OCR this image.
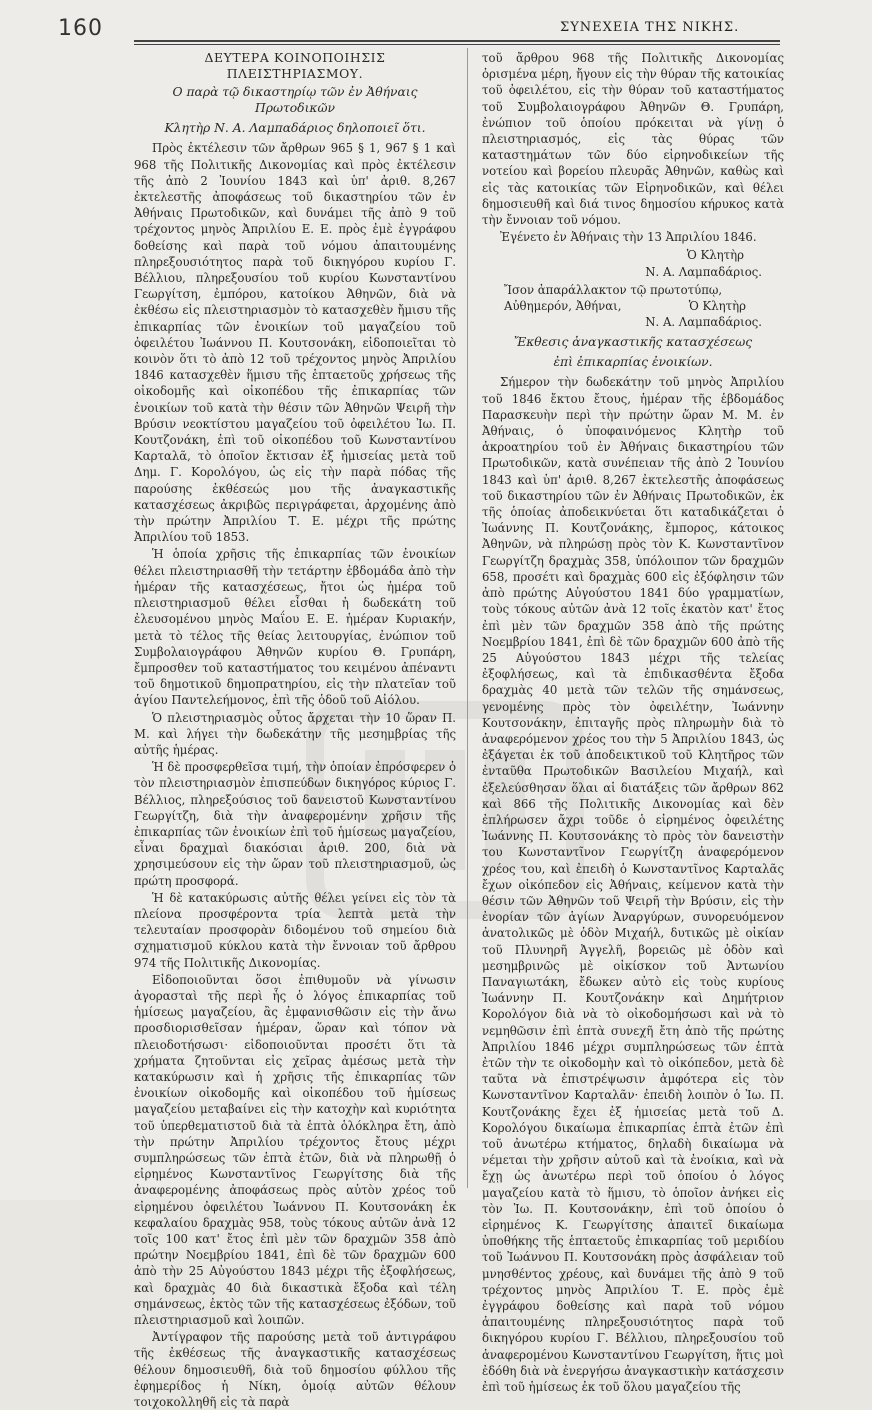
160	ΣΥΝΕΧΕΙΑ ΤΗΣ ΝΙΚΗΣ.
ΔΕΥΤΕΡΑ ΚΟΙΝΟΠΟΙΗΣΙΣ ΠΛΕΙΣΤΗΡΙΑΣΜΟΥ.
Ο παρὰ τῷ δικαστηρίῳ τῶν ἐν Ἀθήναις Πρωτοδικῶν
Κλητὴρ Ν. Α. Λαμπαδάριος δηλοποιεῖ ὅτι.

Πρὸς ἐκτέλεσιν τῶν ἄρθρων 965 § 1, 967 § 1 καὶ 968 τῆς Πολιτικῆς Δικονομίας καὶ πρὸς ἐκτέλεσιν τῆς ἀπὸ 2 Ἰουνίου 1843 καὶ ὑπ' ἀριθ. 8,267 ἐκτελεστῆς ἀποφάσεως τοῦ δικαστηρίου τῶν ἐν Ἀθήναις Πρωτοδικῶν, καὶ δυνάμει τῆς ἀπὸ 9 τοῦ τρέχοντος μηνὸς Ἀπριλίου Ε. Ε. πρὸς ἐμὲ ἐγγράφου δοθείσης καὶ παρὰ τοῦ νόμου ἀπαιτουμένης πληρεξουσιότητος παρὰ τοῦ δικηγόρου κυρίου Γ. Βέλλιου, πληρεξουσίου τοῦ κυρίου Κωνσταντίνου Γεωργίτση, ἐμπόρου, κατοίκου Ἀθηνῶν, διὰ νὰ ἐκθέσω εἰς πλειστηριασμὸν τὸ κατασχεθὲν ἤμισυ τῆς ἐπικαρπίας τῶν ἐνοικίων τοῦ μαγαζείου τοῦ ὀφειλέτου Ἰωάννου Π. Κουτσονάκη, εἰδοποιεῖται τὸ κοινὸν ὅτι τὸ ἀπὸ 12 τοῦ τρέχοντος μηνὸς Ἀπριλίου 1846 κατασχεθὲν ἥμισυ τῆς ἑπταετοῦς χρήσεως τῆς οἰκοδομῆς καὶ οἰκοπέδου τῆς ἐπικαρπίας τῶν ἐνοικίων τοῦ κατὰ τὴν θέσιν τῶν Ἀθηνῶν Ψειρῆ τὴν Βρύσιν νεοκτίστου μαγαζείου τοῦ ὀφειλέτου Ἰω. Π. Κουτζονάκη, ἐπὶ τοῦ οἰκοπέδου τοῦ Κωνσταντίνου Καρταλᾶ, τὸ ὁποῖον ἔκτισαν ἐξ ἡμισείας μετὰ τοῦ Δημ. Γ. Κορολόγου, ὡς εἰς τὴν παρὰ πόδας τῆς παρούσης ἐκθέσεώς μου τῆς ἀναγκαστικῆς κατασχέσεως ἀκριβῶς περιγράφεται, ἀρχομένης ἀπὸ τὴν πρώτην Ἀπριλίου Τ. Ε. μέχρι τῆς πρώτης Ἀπριλίου τοῦ 1853.

Ἡ ὁποία χρῆσις τῆς ἐπικαρπίας τῶν ἐνοικίων θέλει πλειστηριασθῆ τὴν τετάρτην ἑβδομάδα ἀπὸ τὴν ἡμέραν τῆς κατασχέσεως, ἤτοι ὡς ἡμέρα τοῦ πλειστηριασμοῦ θέλει εἶσθαι ἡ δωδεκάτη τοῦ ἐλευσομένου μηνὸς Μαΐου Ε. Ε. ἡμέραν Κυριακήν, μετὰ τὸ τέλος τῆς θείας λειτουργίας, ἐνώπιον τοῦ Συμβολαιογράφου Ἀθηνῶν κυρίου Θ. Γρυπάρη, ἔμπροσθεν τοῦ καταστήματος του κειμένου ἀπέναντι τοῦ δημοτικοῦ δημοπρατηρίου, εἰς τὴν πλατεῖαν τοῦ ἁγίου Παντελεήμονος, ἐπὶ τῆς ὁδοῦ τοῦ Αἰόλου.

Ὁ πλειστηριασμὸς οὗτος ἄρχεται τὴν 10 ὥραν Π. Μ. καὶ λήγει τὴν δωδεκάτην τῆς μεσημβρίας τῆς αὐτῆς ἡμέρας.

Ἡ δὲ προσφερθεῖσα τιμή, τὴν ὁποίαν ἐπρόσφερεν ὁ τὸν πλειστηριασμὸν ἐπισπεύδων δικηγόρος κύριος Γ. Βέλλιος, πληρεξούσιος τοῦ δανειστοῦ Κωνσταντίνου Γεωργίτζη, διὰ τὴν ἀναφερομένην χρῆσιν τῆς ἐπικαρπίας τῶν ἐνοικίων ἐπὶ τοῦ ἡμίσεως μαγαζείου, εἶναι δραχμαὶ διακόσιαι ἀριθ. 200, διὰ νὰ χρησιμεύσουν εἰς τὴν ὥραν τοῦ πλειστηριασμοῦ, ὡς πρώτη προσφορά.

Ἡ δὲ κατακύρωσις αὐτῆς θέλει γείνει εἰς τὸν τὰ πλείονα προσφέροντα τρία λεπτὰ μετὰ τὴν τελευταίαν προσφορὰν διδομένου τοῦ σημείου διὰ σχηματισμοῦ κύκλου κατὰ τὴν ἔννοιαν τοῦ ἄρθρου 974 τῆς Πολιτικῆς Δικονομίας.

Εἰδοποιοῦνται ὅσοι ἐπιθυμοῦν νὰ γίνωσιν ἀγορασταὶ τῆς περὶ ἧς ὁ λόγος ἐπικαρπίας τοῦ ἡμίσεως μαγαζείου, ἂς ἐμφανισθῶσιν εἰς τὴν ἄνω προσδιορισθεῖσαν ἡμέραν, ὥραν καὶ τόπον νὰ πλειοδοτήσωσι· εἰδοποιοῦνται προσέτι ὅτι τὰ χρήματα ζητοῦνται εἰς χεῖρας ἀμέσως μετὰ τὴν κατακύρωσιν καὶ ἡ χρῆσις τῆς ἐπικαρπίας τῶν ἐνοικίων οἰκοδομῆς καὶ οἰκοπέδου τοῦ ἡμίσεως μαγαζείου μεταβαίνει εἰς τὴν κατοχὴν καὶ κυριότητα τοῦ ὑπερθεματιστοῦ διὰ τὰ ἑπτὰ ὁλόκληρα ἔτη, ἀπὸ τὴν πρώτην Ἀπριλίου τρέχοντος ἔτους μέχρι συμπληρώσεως τῶν ἑπτὰ ἐτῶν, διὰ νὰ πληρωθῇ ὁ εἰρημένος Κωνσταντῖνος Γεωργίτσης διὰ τῆς ἀναφερομένης ἀποφάσεως πρὸς αὐτὸν χρέος τοῦ εἰρημένου ὀφειλέτου Ἰωάννου Π. Κουτσονάκη ἐκ κεφαλαίου δραχμὰς 958, τοὺς τόκους αὐτῶν ἀνὰ 12 τοῖς 100 κατ' ἔτος ἐπὶ μὲν τῶν δραχμῶν 358 ἀπὸ πρώτην Νοεμβρίου 1841, ἐπὶ δὲ τῶν δραχμῶν 600 ἀπὸ τὴν 25 Αὐγούστου 1843 μέχρι τῆς ἐξοφλήσεως, καὶ δραχμὰς 40 διὰ δικαστικὰ ἔξοδα καὶ τέλη σημάνσεως, ἐκτὸς τῶν τῆς κατασχέσεως ἐξόδων, τοῦ πλειστηριασμοῦ καὶ λοιπῶν.

Ἀντίγραφον τῆς παρούσης μετὰ τοῦ ἀντιγράφου τῆς ἐκθέσεως τῆς ἀναγκαστικῆς κατασχέσεως θέλουν δημοσιευθῆ, διὰ τοῦ δημοσίου φύλλου τῆς ἐφημερίδος ἡ Νίκη, ὁμοίᾳ αὐτῶν θέλουν τοιχοκολληθῆ εἰς τὰ παρὰ

τοῦ ἄρθρου 968 τῆς Πολιτικῆς Δικονομίας ὁρισμένα μέρη, ἤγουν εἰς τὴν θύραν τῆς κατοικίας τοῦ ὀφειλέτου, εἰς τὴν θύραν τοῦ καταστήματος τοῦ Συμβολαιογράφου Ἀθηνῶν Θ. Γρυπάρη, ἐνώπιον τοῦ ὁποίου πρόκειται νὰ γίνῃ ὁ πλειστηριασμός, εἰς τὰς θύρας τῶν καταστημάτων τῶν δύο εἰρηνοδικείων τῆς νοτείου καὶ βορείου πλευρᾶς Ἀθηνῶν, καθὼς καὶ εἰς τὰς κατοικίας τῶν Εἰρηνοδικῶν, καὶ θέλει δημοσιευθῆ καὶ διά τινος δημοσίου κήρυκος κατὰ τὴν ἔννοιαν τοῦ νόμου.

Ἐγένετο ἐν Ἀθήναις τὴν 13 Ἀπριλίου 1846.

Ὁ Κλητὴρ
Ν. Α. Λαμπαδάριος.
Ἴσον ἀπαράλλακτον τῷ πρωτοτύπῳ,
Αὐθημερόν, Ἀθήναι,	Ὁ Κλητὴρ
Ν. Α. Λαμπαδάριος.
Ἔκθεσις ἀναγκαστικῆς κατασχέσεως
ἐπὶ ἐπικαρπίας ἐνοικίων.

Σήμερον τὴν δωδεκάτην τοῦ μηνὸς Ἀπριλίου τοῦ 1846 ἔκτου ἔτους, ἡμέραν τῆς ἑβδομάδος Παρασκευὴν περὶ τὴν πρώτην ὥραν Μ. Μ. ἐν Ἀθήναις, ὁ ὑποφαινόμενος Κλητὴρ τοῦ ἀκροατηρίου τοῦ ἐν Ἀθήναις δικαστηρίου τῶν Πρωτοδικῶν, κατὰ συνέπειαν τῆς ἀπὸ 2 Ἰουνίου 1843 καὶ ὑπ' ἀριθ. 8,267 ἐκτελεστῆς ἀποφάσεως τοῦ δικαστηρίου τῶν ἐν Ἀθήναις Πρωτοδικῶν, ἐκ τῆς ὁποίας ἀποδεικνύεται ὅτι καταδικάζεται ὁ Ἰωάννης Π. Κουτζονάκης, ἔμπορος, κάτοικος Ἀθηνῶν, νὰ πληρώσῃ πρὸς τὸν Κ. Κωνσταντῖνον Γεωργίτζη δραχμὰς 358, ὑπόλοιπον τῶν δραχμῶν 658, προσέτι καὶ δραχμὰς 600 εἰς ἐξόφλησιν τῶν ἀπὸ πρώτης Αὐγούστου 1841 δύο γραμματίων, τοὺς τόκους αὐτῶν ἀνὰ 12 τοῖς ἑκατὸν κατ' ἔτος ἐπὶ μὲν τῶν δραχμῶν 358 ἀπὸ τῆς πρώτης Νοεμβρίου 1841, ἐπὶ δὲ τῶν δραχμῶν 600 ἀπὸ τῆς 25 Αὐγούστου 1843 μέχρι τῆς τελείας ἐξοφλήσεως, καὶ τὰ ἐπιδικασθέντα ἔξοδα δραχμὰς 40 μετὰ τῶν τελῶν τῆς σημάνσεως, γενομένης πρὸς τὸν ὀφειλέτην, Ἰωάννην Κουτσονάκην, ἐπιταγῆς πρὸς πληρωμὴν διὰ τὸ ἀναφερόμενον χρέος του τὴν 5 Ἀπριλίου 1843, ὡς ἐξάγεται ἐκ τοῦ ἀποδεικτικοῦ τοῦ Κλητῆρος τῶν ἐνταῦθα Πρωτοδικῶν Βασιλείου Μιχαήλ, καὶ ἐξελεύσθησαν ὅλαι αἱ διατάξεις τῶν ἄρθρων 862 καὶ 866 τῆς Πολιτικῆς Δικονομίας καὶ δὲν ἐπλήρωσεν ἄχρι τοῦδε ὁ εἰρημένος ὀφειλέτης Ἰωάννης Π. Κουτσονάκης τὸ πρὸς τὸν δανειστὴν του Κωνσταντῖνον Γεωργίτζη ἀναφερόμενον χρέος του, καὶ ἐπειδὴ ὁ Κωνσταντῖνος Καρταλᾶς ἔχων οἰκόπεδον εἰς Ἀθήναις, κείμενον κατὰ τὴν θέσιν τῶν Ἀθηνῶν τοῦ Ψειρῆ τὴν Βρύσιν, εἰς τὴν ἐνορίαν τῶν ἁγίων Ἀναργύρων, συνορευόμενον ἀνατολικῶς μὲ ὁδὸν Μιχαήλ, δυτικῶς μὲ οἰκίαν τοῦ Πλυνηρῆ Ἀγγελῆ, βορειῶς μὲ ὁδὸν καὶ μεσημβρινῶς μὲ οἰκίσκον τοῦ Ἀντωνίου Παναγιωτάκη, ἔδωκεν αὐτὸ εἰς τοὺς κυρίους Ἰωάννην Π. Κουτζονάκην καὶ Δημήτριον Κορολόγον διὰ νὰ τὸ οἰκοδομήσωσι καὶ νὰ τὸ νεμηθῶσιν ἐπὶ ἑπτὰ συνεχῆ ἔτη ἀπὸ τῆς πρώτης Ἀπριλίου 1846 μέχρι συμπληρώσεως τῶν ἑπτὰ ἐτῶν τὴν τε οἰκοδομὴν καὶ τὸ οἰκόπεδον, μετὰ δὲ ταῦτα νὰ ἐπιστρέψωσιν ἀμφότερα εἰς τὸν Κωνσταντῖνον Καρταλᾶν· ἐπειδὴ λοιπὸν ὁ Ἰω. Π. Κουτζονάκης ἔχει ἐξ ἡμισείας μετὰ τοῦ Δ. Κορολόγου δικαίωμα ἐπικαρπίας ἑπτὰ ἐτῶν ἐπὶ τοῦ ἀνωτέρω κτήματος, δηλαδὴ δικαίωμα νὰ νέμεται τὴν χρῆσιν αὐτοῦ καὶ τὰ ἐνοίκια, καὶ νὰ ἔχῃ ὡς ἀνωτέρω περὶ τοῦ ὁποίου ὁ λόγος μαγαζείου κατὰ τὸ ἥμισυ, τὸ ὁποῖον ἀνήκει εἰς τὸν Ἰω. Π. Κουτσονάκην, ἐπὶ τοῦ ὁποίου ὁ εἰρημένος Κ. Γεωργίτσης ἀπαιτεῖ δικαίωμα ὑποθήκης τῆς ἑπταετοῦς ἐπικαρπίας τοῦ μεριδίου τοῦ Ἰωάννου Π. Κουτσονάκη πρὸς ἀσφάλειαν τοῦ μνησθέντος χρέους, καὶ δυνάμει τῆς ἀπὸ 9 τοῦ τρέχοντος μηνὸς Ἀπριλίου Τ. Ε. πρὸς ἐμὲ ἐγγράφου δοθείσης καὶ παρὰ τοῦ νόμου ἀπαιτουμένης πληρεξουσιότητος παρὰ τοῦ δικηγόρου κυρίου Γ. Βέλλιου, πληρεξουσίου τοῦ ἀναφερομένου Κωνσταντίνου Γεωργίτση, ἥτις μοὶ ἐδόθη διὰ νὰ ἐνεργήσω ἀναγκαστικὴν κατάσχεσιν ἐπὶ τοῦ ἡμίσεως ἐκ τοῦ ὅλου μαγαζείου τῆς
